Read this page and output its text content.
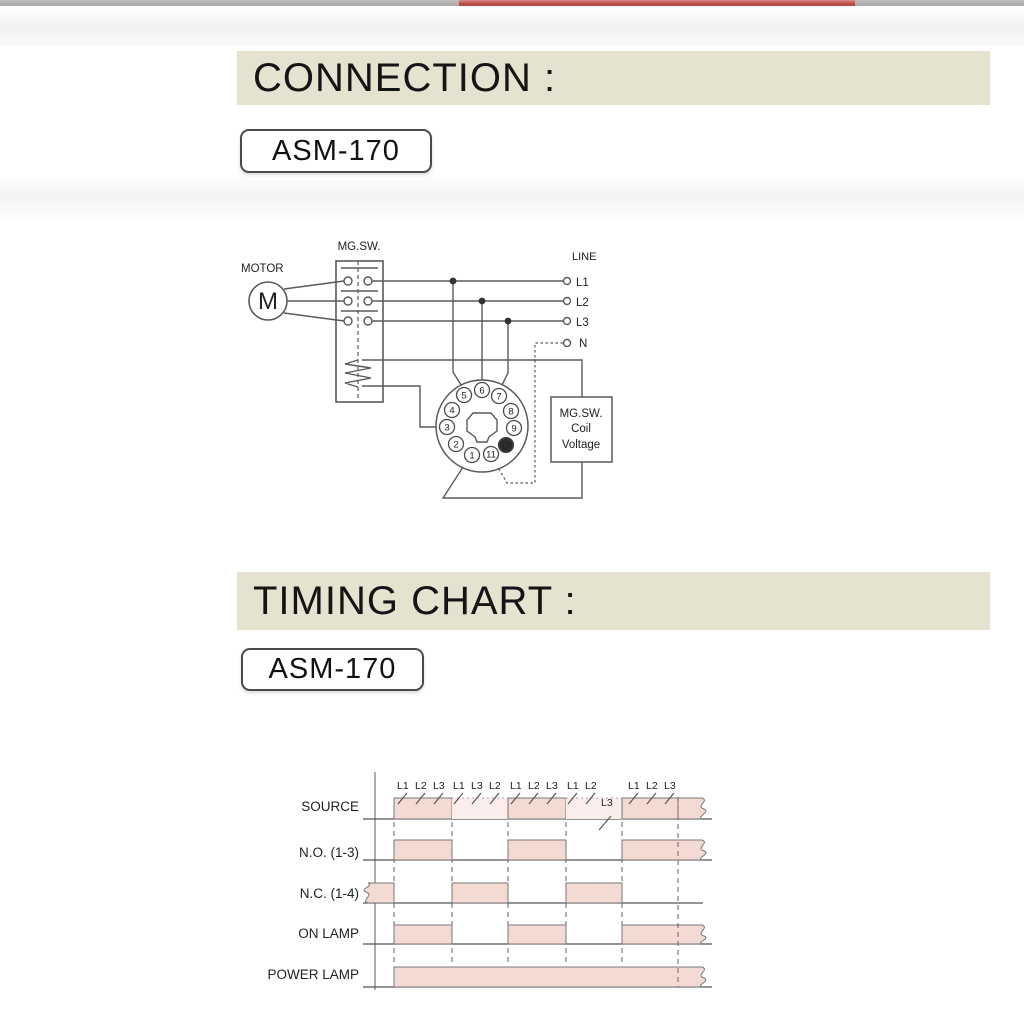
CONNECTION :
ASM-170
MOTOR
M
MG.SW.
LINE
L1
L2
L3
N
MG.SW.
Coil
Voltage
1
2
3
4
5 6
7
8
9
10
11
TIMING CHART :
ASM-170
SOURCE
N.O. (1-3)
N.C. (1-4)
ON LAMP
POWER LAMP
L1 L2 L3 L1 L3 L2 L1 L2 L3 L1 L2	L1 L2 L3
L3
